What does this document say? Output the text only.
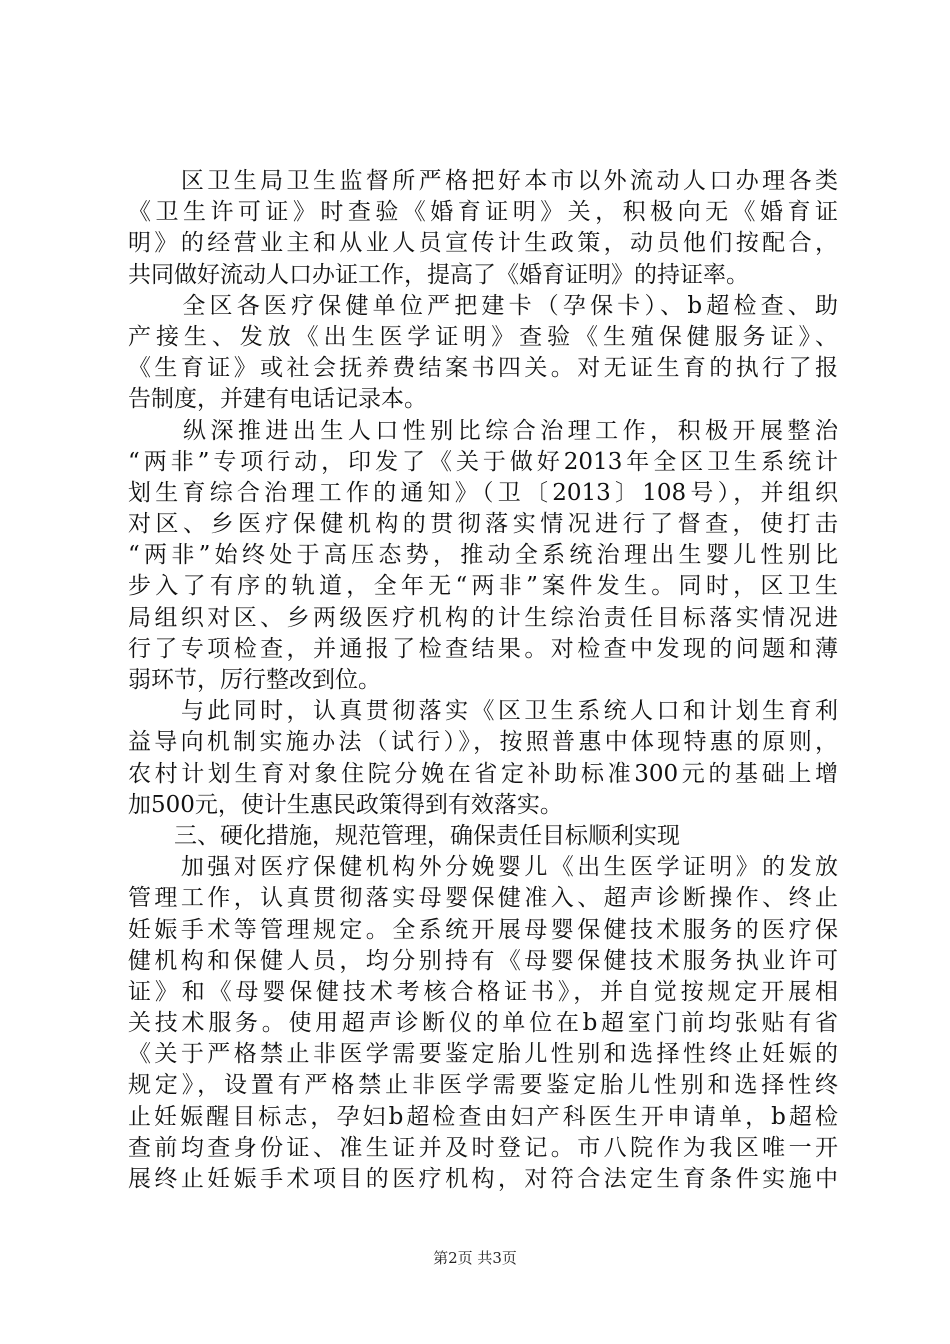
　　区卫生局卫生监督所严格把好本市以外流动人口办理各类
《卫生许可证》时查验《婚育证明》关，积极向无《婚育证
明》的经营业主和从业人员宣传计生政策，动员他们按配合，
共同做好流动人口办证工作，提高了《婚育证明》的持证率。
　　全区各医疗保健单位严把建卡（孕保卡）、b超检查、助
产接生、发放《出生医学证明》查验《生殖保健服务证》、
《生育证》或社会抚养费结案书四关。对无证生育的执行了报
告制度，并建有电话记录本。
　　纵深推进出生人口性别比综合治理工作，积极开展整治
“两非”专项行动，印发了《关于做好2013年全区卫生系统计
划生育综合治理工作的通知》（卫〔2013〕108号），并组织
对区、乡医疗保健机构的贯彻落实情况进行了督查，使打击
“两非”始终处于高压态势，推动全系统治理出生婴儿性别比
步入了有序的轨道，全年无“两非”案件发生。同时，区卫生
局组织对区、乡两级医疗机构的计生综治责任目标落实情况进
行了专项检查，并通报了检查结果。对检查中发现的问题和薄
弱环节，厉行整改到位。
　　与此同时，认真贯彻落实《区卫生系统人口和计划生育利
益导向机制实施办法（试行）》，按照普惠中体现特惠的原则，
农村计划生育对象住院分娩在省定补助标准300元的基础上增
加500元，使计生惠民政策得到有效落实。
　　三、硬化措施，规范管理，确保责任目标顺利实现
　　加强对医疗保健机构外分娩婴儿《出生医学证明》的发放
管理工作，认真贯彻落实母婴保健准入、超声诊断操作、终止
妊娠手术等管理规定。全系统开展母婴保健技术服务的医疗保
健机构和保健人员，均分别持有《母婴保健技术服务执业许可
证》和《母婴保健技术考核合格证书》，并自觉按规定开展相
关技术服务。使用超声诊断仪的单位在b超室门前均张贴有省
《关于严格禁止非医学需要鉴定胎儿性别和选择性终止妊娠的
规定》，设置有严格禁止非医学需要鉴定胎儿性别和选择性终
止妊娠醒目标志，孕妇b超检查由妇产科医生开申请单，b超检
查前均查身份证、准生证并及时登记。市八院作为我区唯一开
展终止妊娠手术项目的医疗机构，对符合法定生育条件实施中
第2页 共3页
